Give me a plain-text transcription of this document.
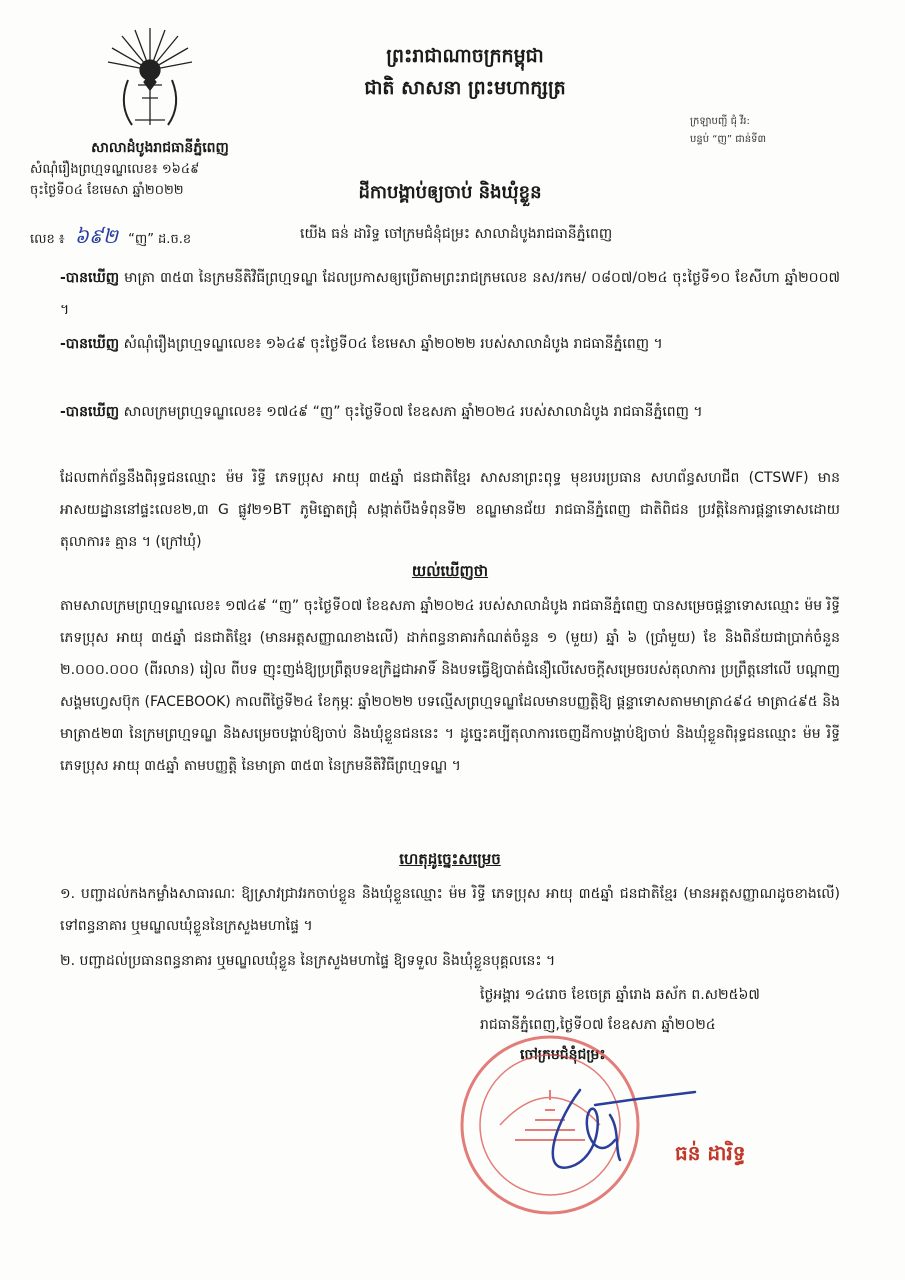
ព្រះរាជាណាចក្រកម្ពុជា
ជាតិ សាសនា ព្រះមហាក្សត្រ
ក្រឡាបញ្ជី ជុំ វីរ:
បន្ទប់ “ញ” ជាន់ទី៣
សាលាដំបូងរាជធានីភ្នំពេញ
សំណុំរឿងព្រហ្មទណ្ឌលេខ៖ ១៦៤៩
ចុះថ្ងៃទី០៤ ខែមេសា ឆ្នាំ២០២២	ដីកាបង្គាប់ឲ្យចាប់ និងឃុំខ្លួន
លេខ ៖ ៦៩២ “ញ” ដ.ច.ខ	យើង ធន់ ដារិទ្ធ ចៅក្រមជំនុំជម្រះ សាលាដំបូងរាជធានីភ្នំពេញ
-បានឃើញ មាត្រា ៣៥៣ នៃក្រមនីតិវិធីព្រហ្មទណ្ឌ ដែលប្រកាសឲ្យប្រើតាមព្រះរាជក្រមលេខ នស/រកម/ ០៨០៧/០២៤ ចុះថ្ងៃទី១០ ខែសីហា ឆ្នាំ២០០៧ ។
-បានឃើញ សំណុំរឿងព្រហ្មទណ្ឌលេខ៖ ១៦៤៩ ចុះថ្ងៃទី០៤ ខែមេសា ឆ្នាំ២០២២ របស់សាលាដំបូង រាជធានីភ្នំពេញ ។
-បានឃើញ សាលក្រមព្រហ្មទណ្ឌលេខ៖ ១៧៤៩ “ញ” ចុះថ្ងៃទី០៧ ខែឧសភា ឆ្នាំ២០២៤ របស់សាលាដំបូង រាជធានីភ្នំពេញ ។
ដែលពាក់ព័ន្ធនឹងពិរុទ្ធជនឈ្មោះ ម៉ម រិទ្ធី ភេទប្រុស អាយុ ៣៥ឆ្នាំ ជនជាតិខ្មែរ សាសនាព្រះពុទ្ធ មុខរបរប្រធាន សហព័ន្ធសហជីព (CTSWF) មានអាសយដ្ឋាននៅផ្ទះលេខ២,៣ G ផ្លូវ២១BT ភូមិត្នោតជ្រុំ សង្កាត់បឹងទំពុនទី២ ខណ្ឌមានជ័យ រាជធានីភ្នំពេញ ជាតិពិជន ប្រវត្តិនៃការផ្តន្ទាទោសដោយតុលាការ៖ គ្មាន ។ (ក្រៅឃុំ)
យល់ឃើញថា
តាមសាលក្រមព្រហ្មទណ្ឌលេខ៖ ១៧៤៩ “ញ” ចុះថ្ងៃទី០៧ ខែឧសភា ឆ្នាំ២០២៤ របស់សាលាដំបូង រាជធានីភ្នំពេញ បានសម្រេចផ្តន្ទាទោសឈ្មោះ ម៉ម រិទ្ធី ភេទប្រុស អាយុ ៣៥ឆ្នាំ ជនជាតិខ្មែរ (មានអត្តសញ្ញាណខាងលើ) ដាក់ពន្ធនាគារកំណត់ចំនួន ១ (មួយ) ឆ្នាំ ៦ (ប្រាំមួយ) ខែ និងពិន័យជាប្រាក់ចំនួន ២.០០០.០០០ (ពីរលាន) រៀល ពីបទ ញុះញង់ឱ្យប្រព្រឹត្តបទឧក្រិដ្ឋជាអាទិ៍ និងបទធ្វើឱ្យបាត់ជំនឿលើសេចក្តីសម្រេចរបស់តុលាការ ប្រព្រឹត្តនៅលើ បណ្តាញសង្គមហ្វេសប៊ុក (FACEBOOK) កាលពីថ្ងៃទី២៤ ខែកុម្ភៈ ឆ្នាំ២០២២ បទល្មើសព្រហ្មទណ្ឌដែលមានបញ្ញត្តិឱ្យ ផ្តន្ទាទោសតាមមាត្រា៤៩៤ មាត្រា៤៩៥ និងមាត្រា៥២៣ នៃក្រមព្រហ្មទណ្ឌ និងសម្រេចបង្គាប់ឱ្យចាប់ និងឃុំខ្លួនជននេះ ។ ដូច្នេះគប្បីតុលាការចេញដីកាបង្គាប់ឱ្យចាប់ និងឃុំខ្លួនពិរុទ្ធជនឈ្មោះ ម៉ម រិទ្ធី ភេទប្រុស អាយុ ៣៥ឆ្នាំ តាមបញ្ញត្តិ នៃមាត្រា ៣៥៣ នៃក្រមនីតិវិធីព្រហ្មទណ្ឌ ។
ហេតុដូច្នេះសម្រេច
១. បញ្ជាដល់កងកម្លាំងសាធារណៈ ឱ្យស្រាវជ្រាវរកចាប់ខ្លួន និងឃុំខ្លួនឈ្មោះ ម៉ម រិទ្ធី ភេទប្រុស អាយុ ៣៥ឆ្នាំ ជនជាតិខ្មែរ (មានអត្តសញ្ញាណដូចខាងលើ) ទៅពន្ធនាគារ ឬមណ្ឌលឃុំខ្លួននៃក្រសួងមហាផ្ទៃ ។
២. បញ្ជាដល់ប្រធានពន្ធនាគារ ឬមណ្ឌលឃុំខ្លួន នៃក្រសួងមហាផ្ទៃ ឱ្យទទួល និងឃុំខ្លួនបុគ្គលនេះ ។
ថ្ងៃអង្គារ ១៤រោច ខែចេត្រ ឆ្នាំរោង ឆស័ក ព.ស២៥៦៧
រាជធានីភ្នំពេញ,ថ្ងៃទី០៧ ខែឧសភា ឆ្នាំ២០២៤
ចៅក្រមជំនុំជម្រះ
ធន់ ដារិទ្ធ
